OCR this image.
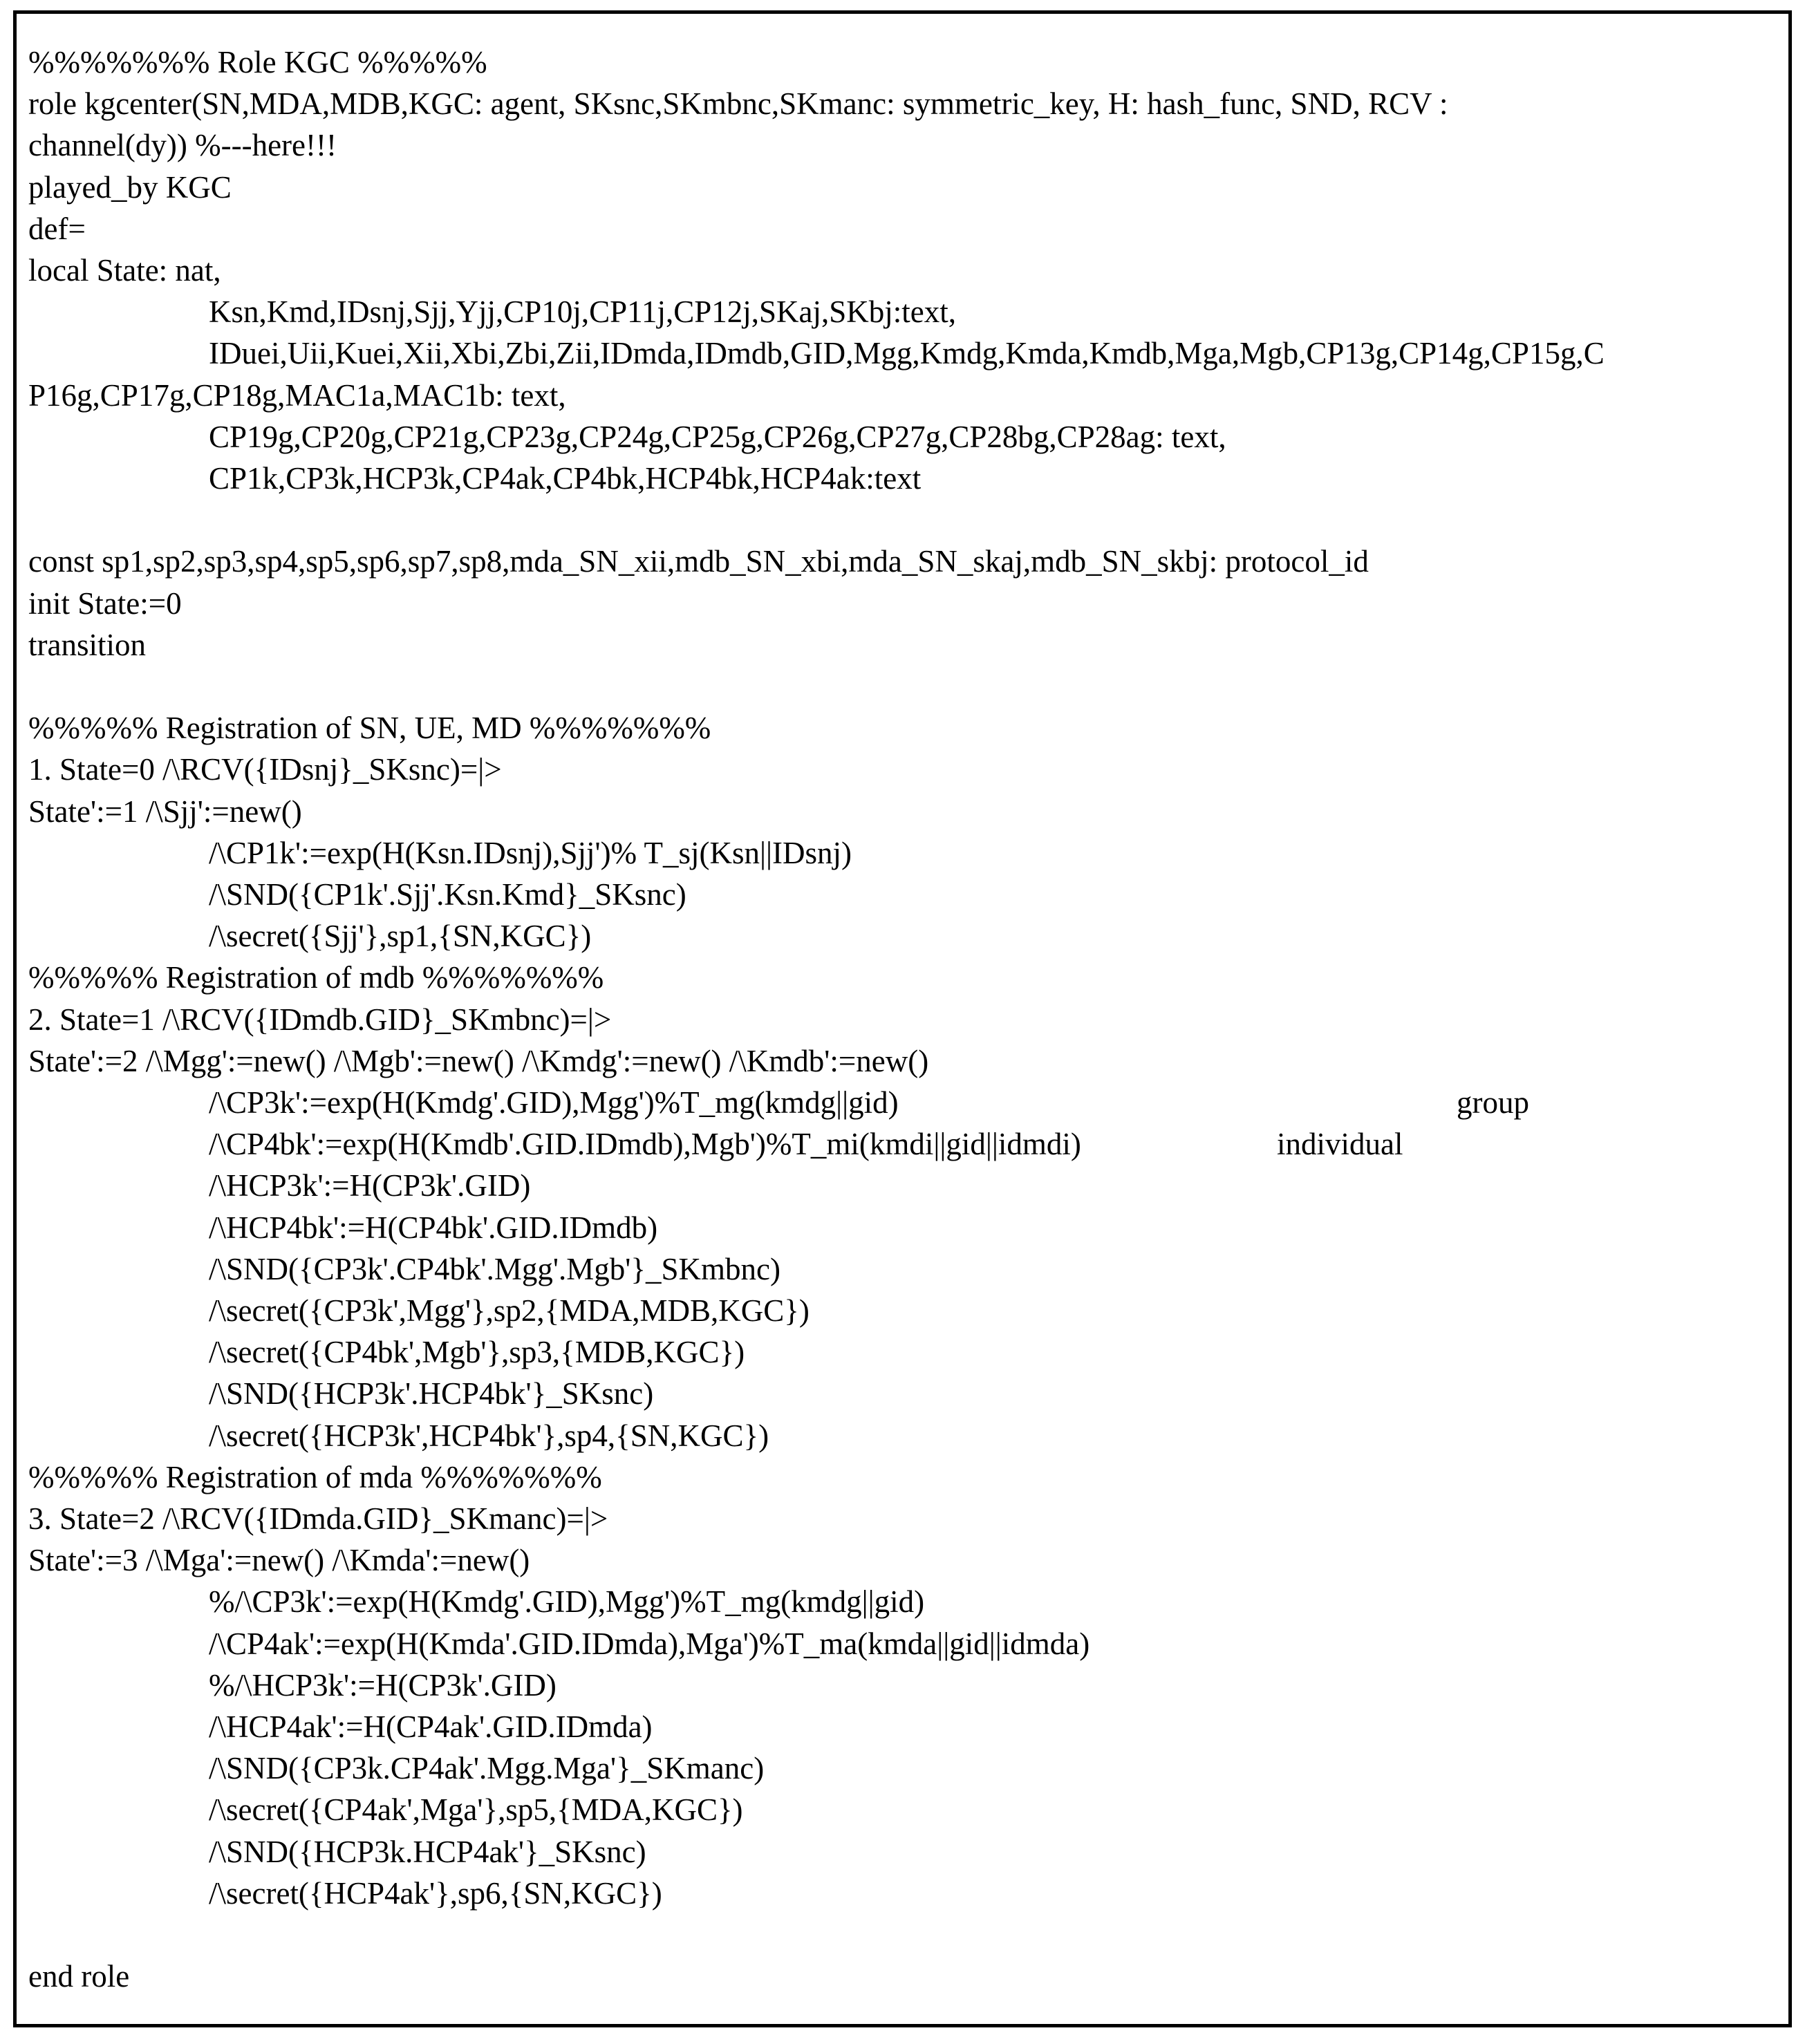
%%%%%%% Role KGC %%%%%
role kgcenter(SN,MDA,MDB,KGC: agent, SKsnc,SKmbnc,SKmanc: symmetric_key, H: hash_func, SND, RCV :
channel(dy)) %---here!!!
played_by KGC
def=
local State: nat,
Ksn,Kmd,IDsnj,Sjj,Yjj,CP10j,CP11j,CP12j,SKaj,SKbj:text,
IDuei,Uii,Kuei,Xii,Xbi,Zbi,Zii,IDmda,IDmdb,GID,Mgg,Kmdg,Kmda,Kmdb,Mga,Mgb,CP13g,CP14g,CP15g,C
P16g,CP17g,CP18g,MAC1a,MAC1b: text,
CP19g,CP20g,CP21g,CP23g,CP24g,CP25g,CP26g,CP27g,CP28bg,CP28ag: text,
CP1k,CP3k,HCP3k,CP4ak,CP4bk,HCP4bk,HCP4ak:text
const sp1,sp2,sp3,sp4,sp5,sp6,sp7,sp8,mda_SN_xii,mdb_SN_xbi,mda_SN_skaj,mdb_SN_skbj: protocol_id
init State:=0
transition
%%%%% Registration of SN, UE, MD %%%%%%%
1. State=0 /\RCV({IDsnj}_SKsnc)=|>
State':=1 /\Sjj':=new()
/\CP1k':=exp(H(Ksn.IDsnj),Sjj')% T_sj(Ksn||IDsnj)
/\SND({CP1k'.Sjj'.Ksn.Kmd}_SKsnc)
/\secret({Sjj'},sp1,{SN,KGC})
%%%%% Registration of mdb %%%%%%%
2. State=1 /\RCV({IDmdb.GID}_SKmbnc)=|>
State':=2 /\Mgg':=new() /\Mgb':=new() /\Kmdg':=new() /\Kmdb':=new()
/\CP3k':=exp(H(Kmdg'.GID),Mgg')%T_mg(kmdg||gid)
/\CP4bk':=exp(H(Kmdb'.GID.IDmdb),Mgb')%T_mi(kmdi||gid||idmdi)
/\HCP3k':=H(CP3k'.GID)
/\HCP4bk':=H(CP4bk'.GID.IDmdb)
/\SND({CP3k'.CP4bk'.Mgg'.Mgb'}_SKmbnc)
/\secret({CP3k',Mgg'},sp2,{MDA,MDB,KGC})
/\secret({CP4bk',Mgb'},sp3,{MDB,KGC})
/\SND({HCP3k'.HCP4bk'}_SKsnc)
/\secret({HCP3k',HCP4bk'},sp4,{SN,KGC})
%%%%% Registration of mda %%%%%%%
3. State=2 /\RCV({IDmda.GID}_SKmanc)=|>
State':=3 /\Mga':=new() /\Kmda':=new()
%/\CP3k':=exp(H(Kmdg'.GID),Mgg')%T_mg(kmdg||gid)
/\CP4ak':=exp(H(Kmda'.GID.IDmda),Mga')%T_ma(kmda||gid||idmda)
%/\HCP3k':=H(CP3k'.GID)
/\HCP4ak':=H(CP4ak'.GID.IDmda)
/\SND({CP3k.CP4ak'.Mgg.Mga'}_SKmanc)
/\secret({CP4ak',Mga'},sp5,{MDA,KGC})
/\SND({HCP3k.HCP4ak'}_SKsnc)
/\secret({HCP4ak'},sp6,{SN,KGC})
end role
group
individual
